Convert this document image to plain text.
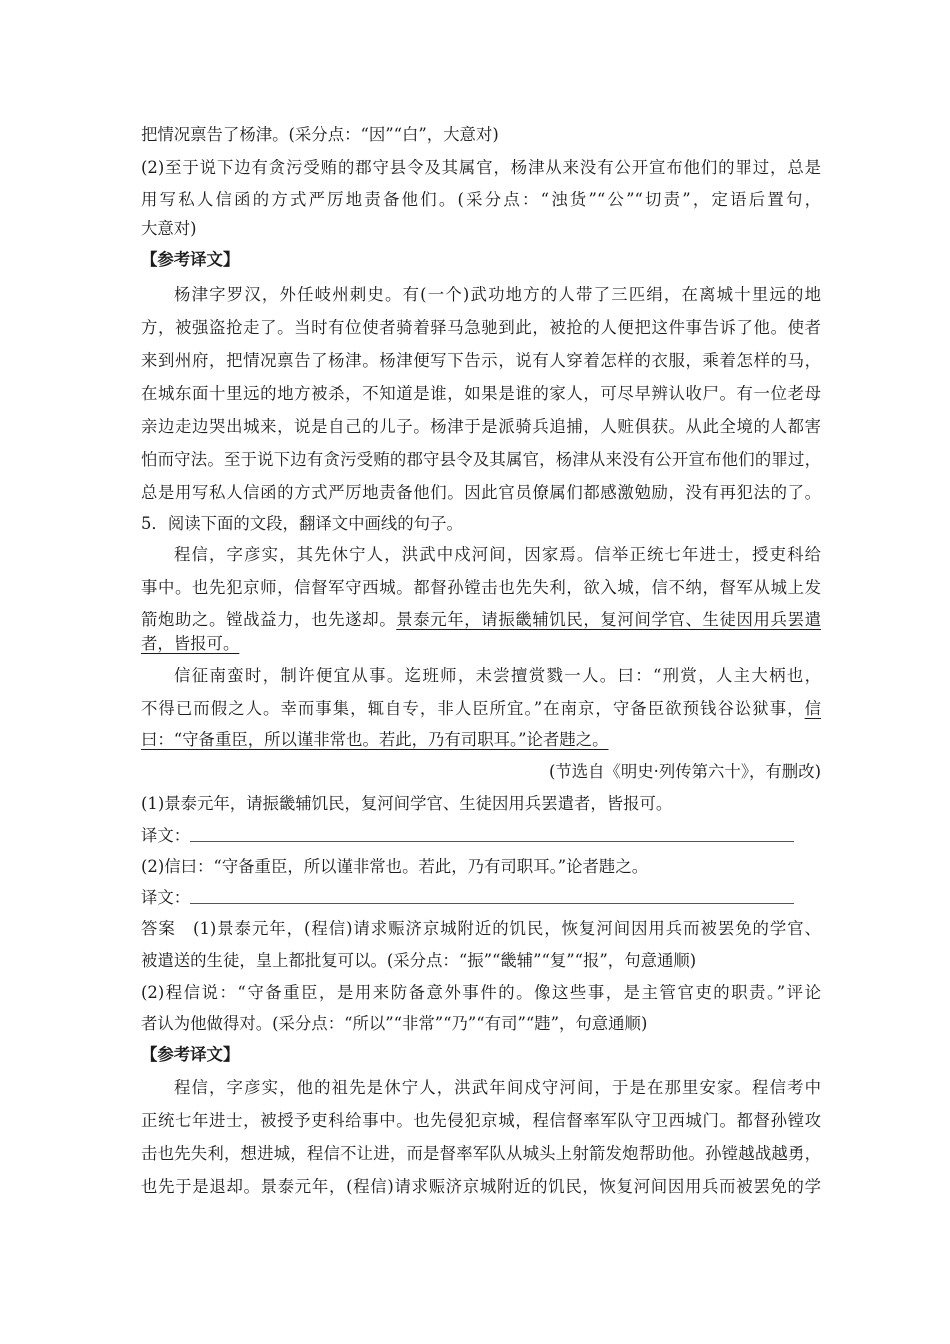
把情况禀告了杨津。(采分点：“因”“白”，大意对)
(2)至于说下边有贪污受贿的郡守县令及其属官，杨津从来没有公开宣布他们的罪过，总是
用写私人信函的方式严厉地责备他们。(采分点：“浊货”“公”“切责”，定语后置句，
大意对)
【参考译文】
杨津字罗汉，外任岐州刺史。有(一个)武功地方的人带了三匹绢，在离城十里远的地
方，被强盗抢走了。当时有位使者骑着驿马急驰到此，被抢的人便把这件事告诉了他。使者
来到州府，把情况禀告了杨津。杨津便写下告示，说有人穿着怎样的衣服，乘着怎样的马，
在城东面十里远的地方被杀，不知道是谁，如果是谁的家人，可尽早辨认收尸。有一位老母
亲边走边哭出城来，说是自己的儿子。杨津于是派骑兵追捕，人赃俱获。从此全境的人都害
怕而守法。至于说下边有贪污受贿的郡守县令及其属官，杨津从来没有公开宣布他们的罪过，
总是用写私人信函的方式严厉地责备他们。因此官员僚属们都感激勉励，没有再犯法的了。
5．阅读下面的文段，翻译文中画线的句子。
程信，字彦实，其先休宁人，洪武中戍河间，因家焉。信举正统七年进士，授吏科给
事中。也先犯京师，信督军守西城。都督孙镗击也先失利，欲入城，信不纳，督军从城上发
箭炮助之。镗战益力，也先遂却。景泰元年，请振畿辅饥民，复河间学官、生徒因用兵罢遣
者，皆报可。
信征南蛮时，制许便宜从事。迄班师，未尝擅赏戮一人。曰：“刑赏，人主大柄也，
不得已而假之人。幸而事集，辄自专，非人臣所宜。”在南京，守备臣欲预钱谷讼狱事，信
曰：“守备重臣，所以谨非常也。若此，乃有司职耳。”论者韪之。
(节选自《明史·列传第六十》，有删改)
(1)景泰元年，请振畿辅饥民，复河间学官、生徒因用兵罢遣者，皆报可。
译文：
(2)信曰：“守备重臣，所以谨非常也。若此，乃有司职耳。”论者韪之。
译文：
答案　(1)景泰元年，(程信)请求赈济京城附近的饥民，恢复河间因用兵而被罢免的学官、
被遣送的生徒，皇上都批复可以。(采分点：“振”“畿辅”“复”“报”，句意通顺)
(2)程信说：“守备重臣，是用来防备意外事件的。像这些事，是主管官吏的职责。”评论
者认为他做得对。(采分点：“所以”“非常”“乃”“有司”“韪”，句意通顺)
【参考译文】
程信，字彦实，他的祖先是休宁人，洪武年间戍守河间，于是在那里安家。程信考中
正统七年进士，被授予吏科给事中。也先侵犯京城，程信督率军队守卫西城门。都督孙镗攻
击也先失利，想进城，程信不让进，而是督率军队从城头上射箭发炮帮助他。孙镗越战越勇，
也先于是退却。景泰元年，(程信)请求赈济京城附近的饥民，恢复河间因用兵而被罢免的学
